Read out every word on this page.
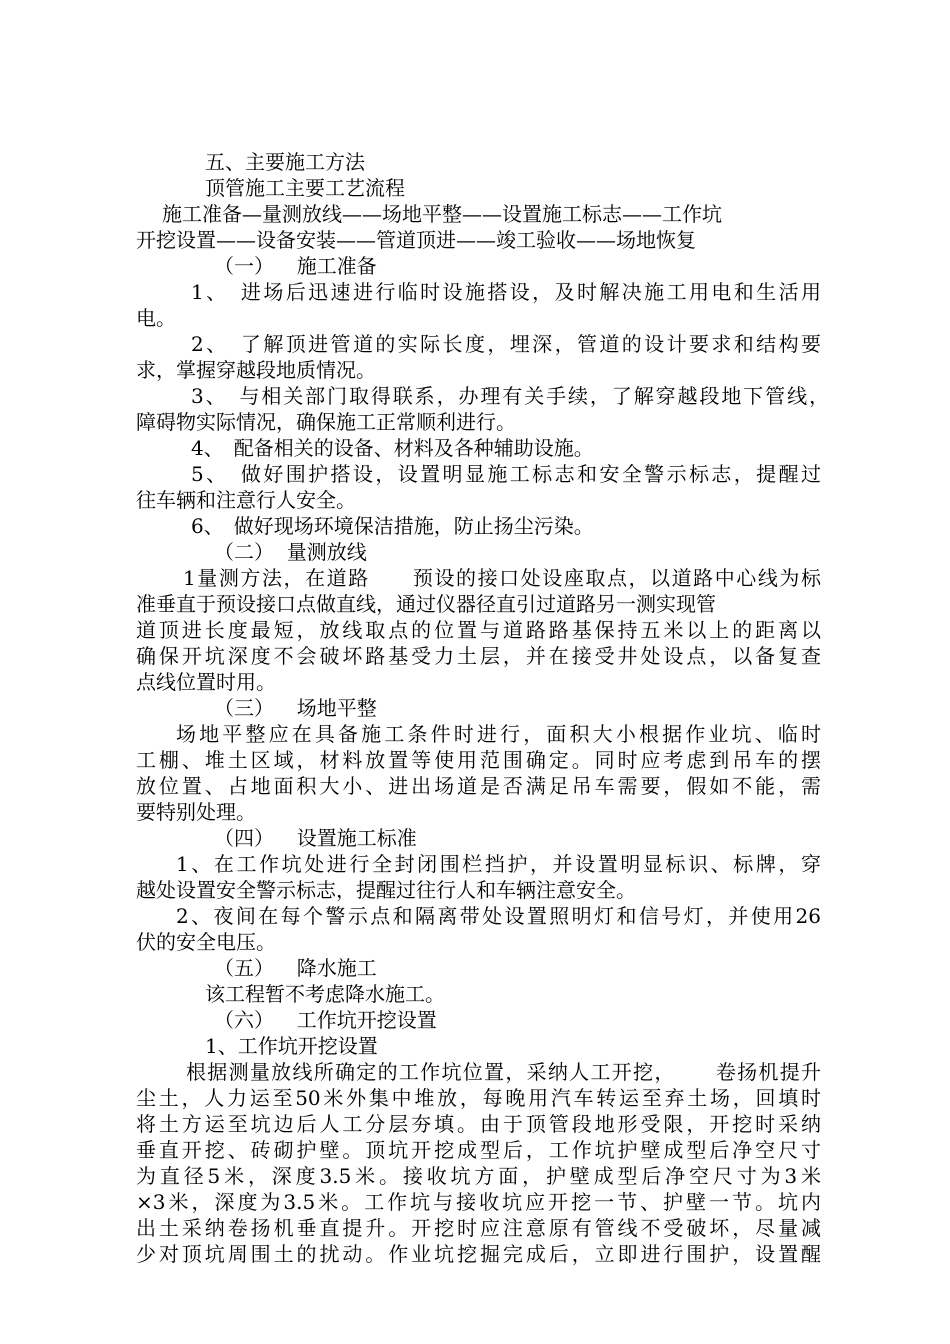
五、主要施工方法
顶管施工主要工艺流程
施工准备—量测放线——场地平整——设置施工标志——工作坑
开挖设置——设备安装——管道顶进——竣工验收——场地恢复
（一）　  施工准备
1、　进场后迅速进行临时设施搭设，及时解决施工用电和生活用
电。
2、　了解顶进管道的实际长度，埋深，管道的设计要求和结构要
求，掌握穿越段地质情况。
3、　与相关部门取得联系，办理有关手续，了解穿越段地下管线，
障碍物实际情况，确保施工正常顺利进行。
4、　配备相关的设备、材料及各种辅助设施。
5、　做好围护搭设，设置明显施工标志和安全警示标志，提醒过
往车辆和注意行人安全。
6、　做好现场环境保洁措施，防止扬尘污染。
（二）  量测放线
1量测方法，在道路　　预设的接口处设座取点，以道路中心线为标
准垂直于预设接口点做直线，通过仪器径直引过道路另一测实现管
道顶进长度最短，放线取点的位置与道路路基保持五米以上的距离以
确保开坑深度不会破坏路基受力土层，并在接受井处设点，以备复查
点线位置时用。
（三）　  场地平整
场地平整应在具备施工条件时进行，面积大小根据作业坑、临时
工棚、堆土区域，材料放置等使用范围确定。同时应考虑到吊车的摆
放位置、占地面积大小、进出场道是否满足吊车需要，假如不能，需
要特别处理。
（四）　  设置施工标准
1、在工作坑处进行全封闭围栏挡护，并设置明显标识、标牌，穿
越处设置安全警示标志，提醒过往行人和车辆注意安全。
2、夜间在每个警示点和隔离带处设置照明灯和信号灯，并使用26
伏的安全电压。
（五）　  降水施工
该工程暂不考虑降水施工。
（六）　  工作坑开挖设置
1、工作坑开挖设置
根据测量放线所确定的工作坑位置，采纳人工开挖，　　 卷扬机提升
尘土，人力运至50米外集中堆放，每晚用汽车转运至弃土场，回填时
将土方运至坑边后人工分层夯填。由于顶管段地形受限，开挖时采纳
垂直开挖、砖砌护壁。顶坑开挖成型后，工作坑护壁成型后净空尺寸
为直径5米，深度3.5米。接收坑方面，护壁成型后净空尺寸为3米
×3米，深度为3.5米。工作坑与接收坑应开挖一节、护壁一节。坑内
出土采纳卷扬机垂直提升。开挖时应注意原有管线不受破坏，尽量减
少对顶坑周围土的扰动。作业坑挖掘完成后，立即进行围护，设置醒
